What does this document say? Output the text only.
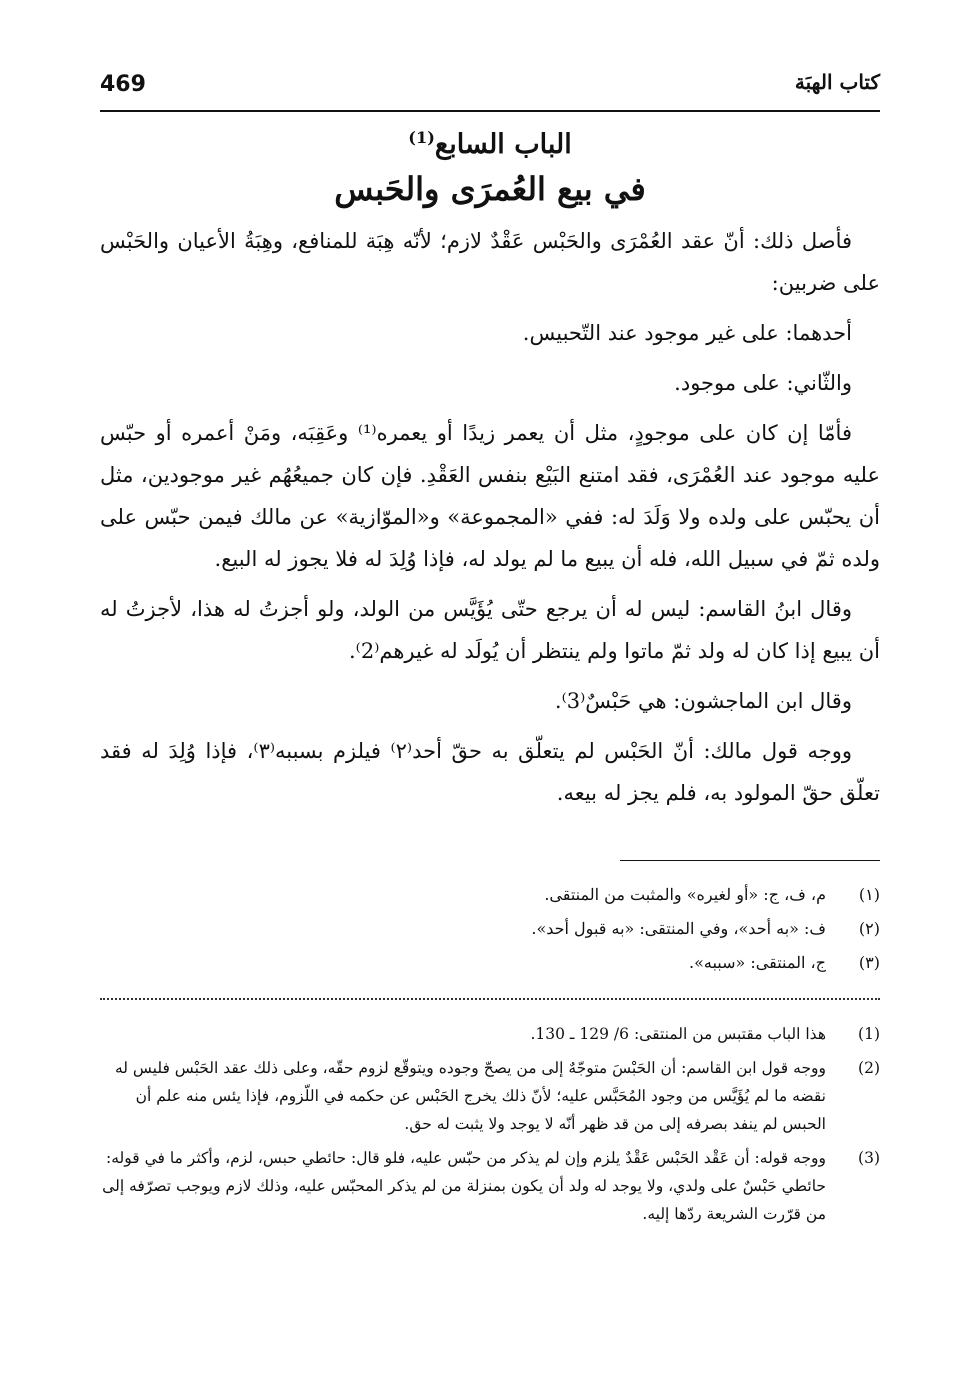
469	كتاب الهبَة
الباب السابع$^{(1)}$
في بيع العُمرَى والحَبس

فأصل ذلك: أنّ عقد العُمْرَى والحَبْس عَقْدٌ لازم؛ لأنّه هِبَة للمنافع، وهِبَةُ الأعيان والحَبْس على ضربين:

أحدهما: على غير موجود عند التّحبيس.

والثّاني: على موجود.

فأمّا إن كان على موجودٍ، مثل أن يعمر زيدًا أو يعمره⁽¹⁾ وعَقِبَه، ومَنْ أعمره أو حبّس عليه موجود عند العُمْرَى، فقد امتنع البَيْع بنفس العَقْدِ. فإن كان جميعُهُم غير موجودين، مثل أن يحبّس على ولده ولا وَلَدَ له: ففي «المجموعة» و«الموّازية» عن مالك فيمن حبّس على ولده ثمّ في سبيل الله، فله أن يبيع ما لم يولد له، فإذا وُلِدَ له فلا يجوز له البيع.

وقال ابنُ القاسم: ليس له أن يرجع حتّى يُؤَيَّس من الولد، ولو أجزتُ له هذا، لأجزتُ له أن يبيع إذا كان له ولد ثمّ ماتوا ولم ينتظر أن يُولَد له غيرهم⁽2⁾.

وقال ابن الماجشون: هي حَبْسٌ⁽3⁾.

ووجه قول مالك: أنّ الحَبْس لم يتعلّق به حقّ أحد⁽٢⁾ فيلزم بسببه⁽٣⁾، فإذا وُلِدَ له فقد تعلّق حقّ المولود به، فلم يجز له بيعه.

(١)
م، ف، ج: «أو لغيره» والمثبت من المنتقى.
(٢)
ف: «به أحد»، وفي المنتقى: «به قبول أحد».
(٣)
ج، المنتقى: «سببه».
(1)
هذا الباب مقتبس من المنتقى: 6/ 129 ـ 130.
(2)
ووجه قول ابن القاسم: أن الحَبْسَ متوجّهٌ إلى من يصحّ وجوده ويتوقّع لزوم حقّه، وعلى ذلك عقد الحَبْس فليس له نقضه ما لم يُؤَيَّس من وجود المُحَبَّس عليه؛ لأنّ ذلك يخرج الحَبْس عن حكمه في اللّزوم، فإذا يئس منه علم أن الحبس لم ينفد بصرفه إلى من قد ظهر أنّه لا يوجد ولا يثبت له حق.
(3)
ووجه قوله: أن عَقْد الحَبْس عَقْدٌ يلزم وإن لم يذكر من حبّس عليه، فلو قال: حائطي حبس، لزم، وأكثر ما في قوله: حائطي حَبْسٌ على ولدي، ولا يوجد له ولد أن يكون بمنزلة من لم يذكر المحبّس عليه، وذلك لازم ويوجب تصرّفه إلى من قرّرت الشريعة ردّها إليه.
